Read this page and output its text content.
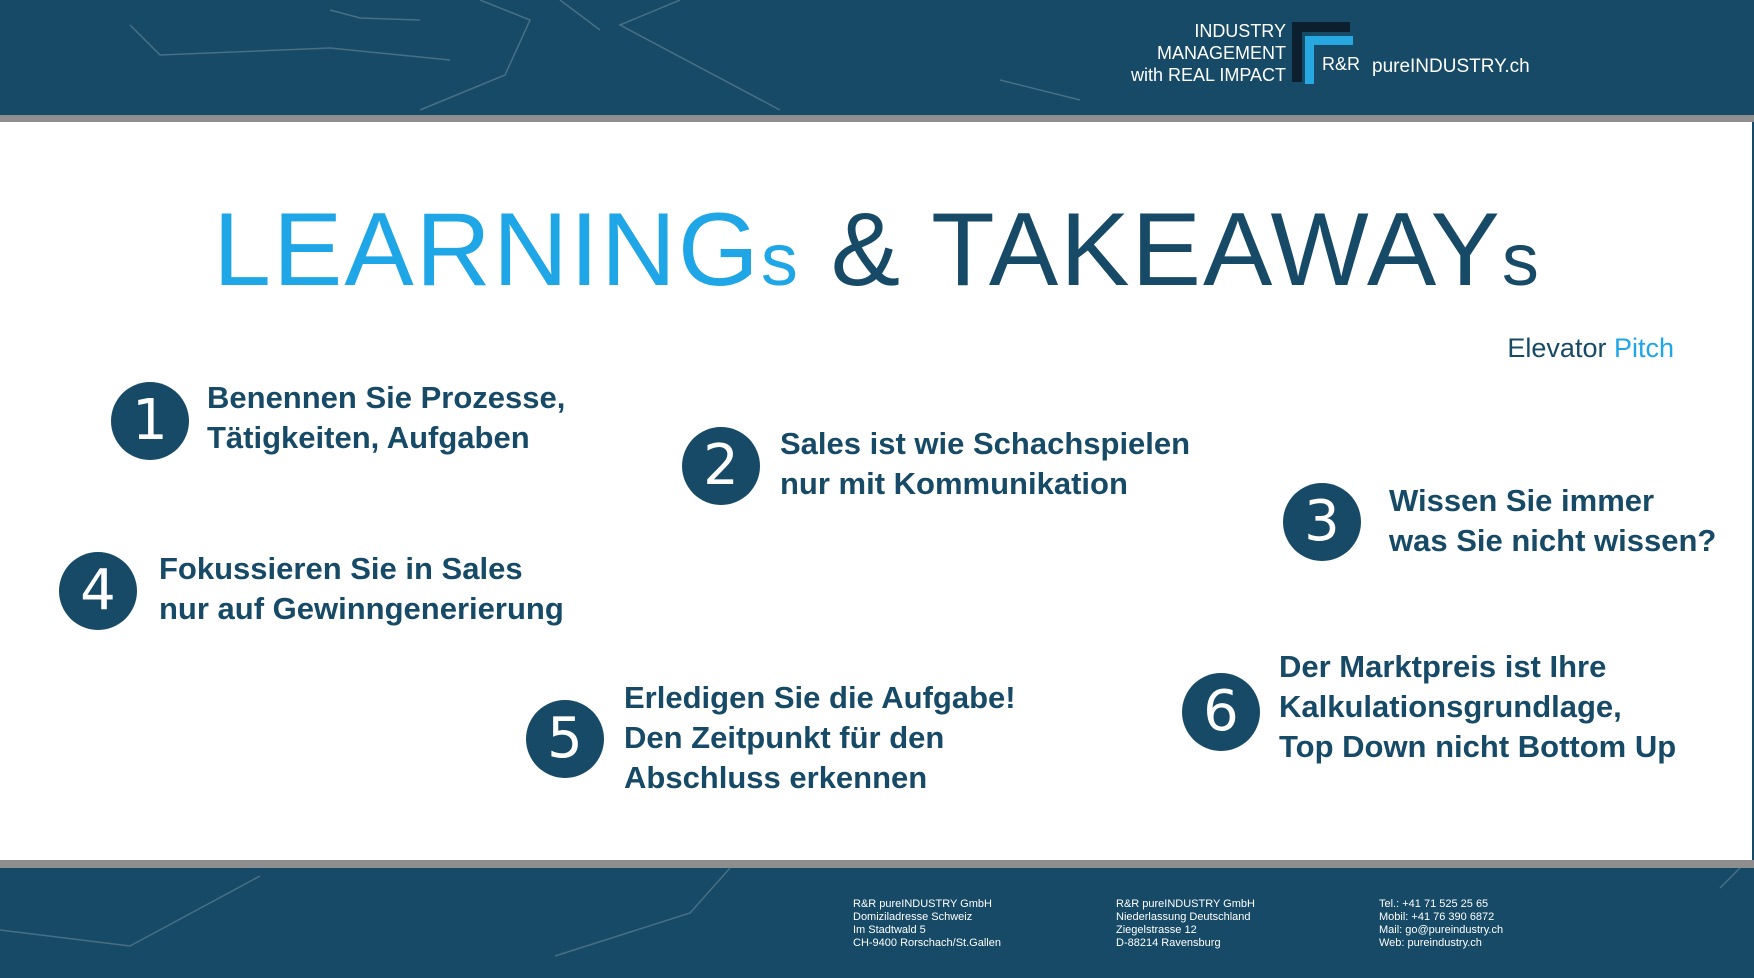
INDUSTRY
MANAGEMENT
with REAL IMPACT
R&R pureINDUSTRY.ch
LEARNINGs & TAKEAWAYs
Elevator Pitch
1	Benennen Sie Prozesse,
Tätigkeiten, Aufgaben	2	Sales ist wie Schachspielen
nur mit Kommunikation
3	Wissen Sie immer
was Sie nicht wissen?
4	Fokussieren Sie in Sales
nur auf Gewinngenerierung
5
Erledigen Sie die Aufgabe!
Den Zeitpunkt für den
Abschluss erkennen
6
Der Marktpreis ist Ihre
Kalkulationsgrundlage,
Top Down nicht Bottom Up
R&R pureINDUSTRY GmbH
Domiziladresse Schweiz
Im Stadtwald 5
CH-9400 Rorschach/St.Gallen
R&R pureINDUSTRY GmbH
Niederlassung Deutschland
Ziegelstrasse 12
D-88214 Ravensburg
Tel.: +41 71 525 25 65
Mobil: +41 76 390 6872
Mail: go@pureindustry.ch
Web: pureindustry.ch
